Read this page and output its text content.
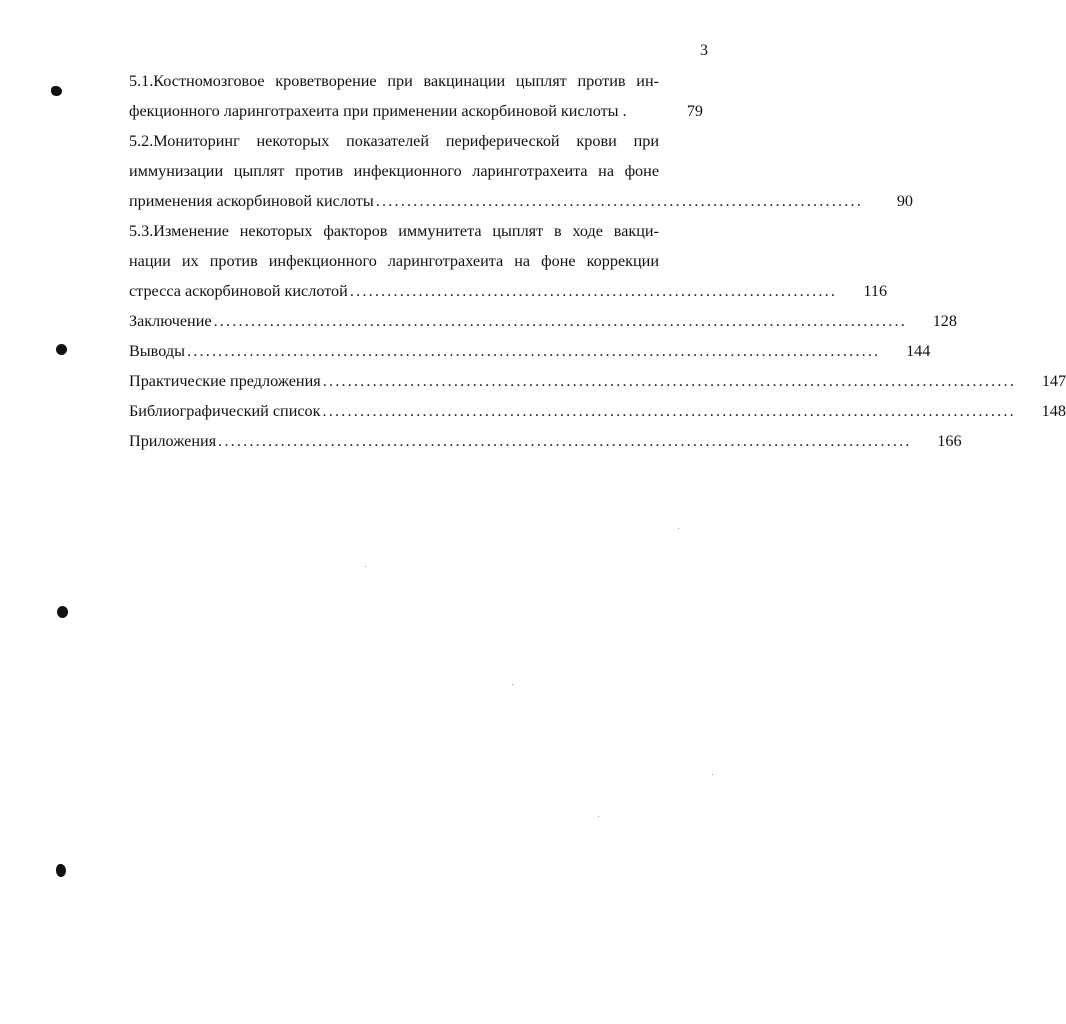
3
5.1.Костномозговое кроветворение при вакцинации цыплят против ин-
фекционного ларинготрахеита при применении аскорбиновой кислоты .	79
5.2.Мониторинг некоторых показателей периферической крови при
иммунизации цыплят против инфекционного ларинготрахеита на фоне
применения аскорбиновой кислоты ..............................................................................	90
5.3.Изменение некоторых факторов иммунитета цыплят в ходе вакци-
нации их против инфекционного ларинготрахеита на фоне коррекции
стресса аскорбиновой кислотой ..............................................................................	116
Заключение ...............................................................................................................	128
Выводы ...............................................................................................................	144
Практические предложения ...............................................................................................................	147
Библиографический список ...............................................................................................................	148
Приложения ...............................................................................................................	166
